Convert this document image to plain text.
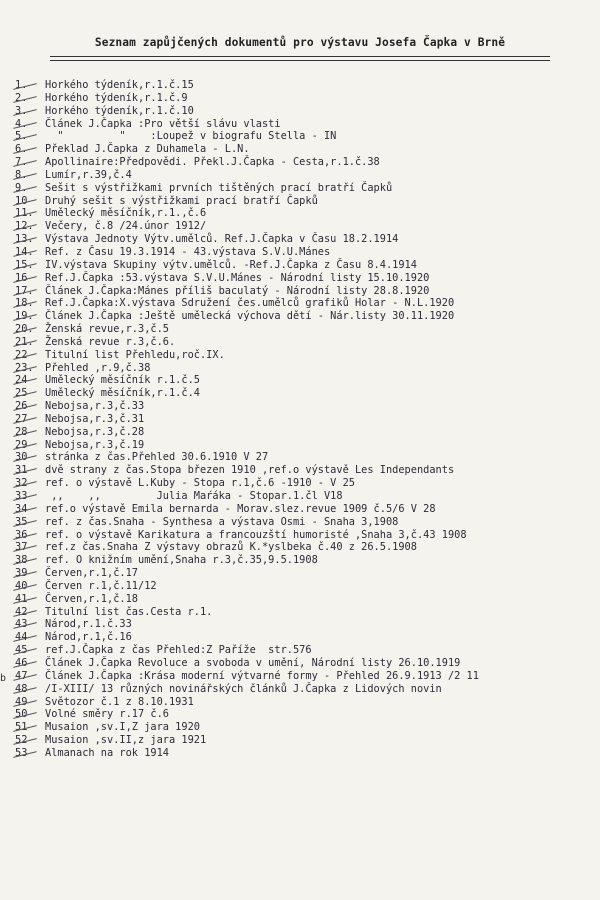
Seznam zapůjčených dokumentů pro výstavu Josefa Čapka v Brně
b
1.	Horkého týdeník,r.1.č.15
2.	Horkého týdeník,r.1.č.9
3.	Horkého týdeník,r.1.č.10
4.	Článek J.Čapka :Pro větší slávu vlasti
5.	"         "    :Loupež v biografu Stella - IN
6.	Překlad J.Čapka z Duhamela - L.N.
7.	Apollinaire:Předpovědi. Překl.J.Čapka - Cesta,r.1.č.38
8.	Lumír,r.39,č.4
9.	Sešit s výstřižkami prvních tištěných prací bratří Čapků
10	Druhý sešit s výstřižkami prací bratří Čapků
11.	Umělecký měsíčník,r.1.,č.6
12.	Večery, č.8 /24.únor 1912/
13.	Výstava Jednoty Výtv.umělců. Ref.J.Čapka v Času 18.2.1914
14.	Ref. z Času 19.3.1914 - 43.výstava S.V.U.Mánes
15.	IV.výstava Skupiny výtv.umělců. -Ref.J.Čapka z Času 8.4.1914
16	Ref.J.Čapka :53.výstava S.V.U.Mánes - Národní listy 15.10.1920
17.	Článek J.Čapka:Mánes příliš baculatý - Národní listy 28.8.1920
18.	Ref.J.Čapka:X.výstava Sdružení čes.umělců grafiků Holar - N.L.1920
19.	Článek J.Čapka :Ještě umělecká výchova dětí - Nár.listy 30.11.1920
20.	Ženská revue,r.3,č.5
21.	Ženská revue r.3,č.6.
22	Titulní list Přehledu,roč.IX.
23.	Přehled ,r.9,č.38
24	Umělecký měsíčník r.1.č.5
25	Umělecký měsíčník,r.1.č.4
26	Nebojsa,r.3,č.33
27	Nebojsa,r.3,č.31
28	Nebojsa,r.3,č.28
29	Nebojsa,r.3,č.19
30	stránka z čas.Přehled 30.6.1910 V 27
31	dvě strany z čas.Stopa březen 1910 ,ref.o výstavě Les Independants
32	ref. o výstavě L.Kuby - Stopa r.1,č.6 -1910 - V 25
33	,,    ,,         Julia Maŕáka - Stopar.1.čl V18
34	ref.o výstavě Emila bernarda - Morav.slez.revue 1909 č.5/6 V 28
35	ref. z čas.Snaha - Synthesa a výstava Osmi - Snaha 3,1908
36	ref. o výstavě Karikatura a francouzští humoristé ,Snaha 3,č.43 1908
37	ref.z čas.Snaha Z výstavy obrazů K.*yslbeka č.40 z 26.5.1908
38	ref. O knižním umění,Snaha r.3,č.35,9.5.1908
39	Červen,r.1,č.17
40	Červen r.1,č.11/12
41	Červen,r.1,č.18
42	Titulní list čas.Cesta r.1.
43	Národ,r.1.č.33
44	Národ,r.1,č.16
45	ref.J.Čapka z čas Přehled:Z Paříže  str.576
46	Článek J.Čapka Revoluce a svoboda v umění, Národní listy 26.10.1919
47	Článek J.Čapka :Krása moderní výtvarné formy - Přehled 26.9.1913 /2 11
48	/I-XIII/ 13 různých novinářských článků J.Čapka z Lidových novin
49	Světozor č.1 z 8.10.1931
50	Volné směry r.17 č.6
51	Musaion ,sv.I,Z jara 1920
52	Musaion ,sv.II,z jara 1921
53	Almanach na rok 1914
